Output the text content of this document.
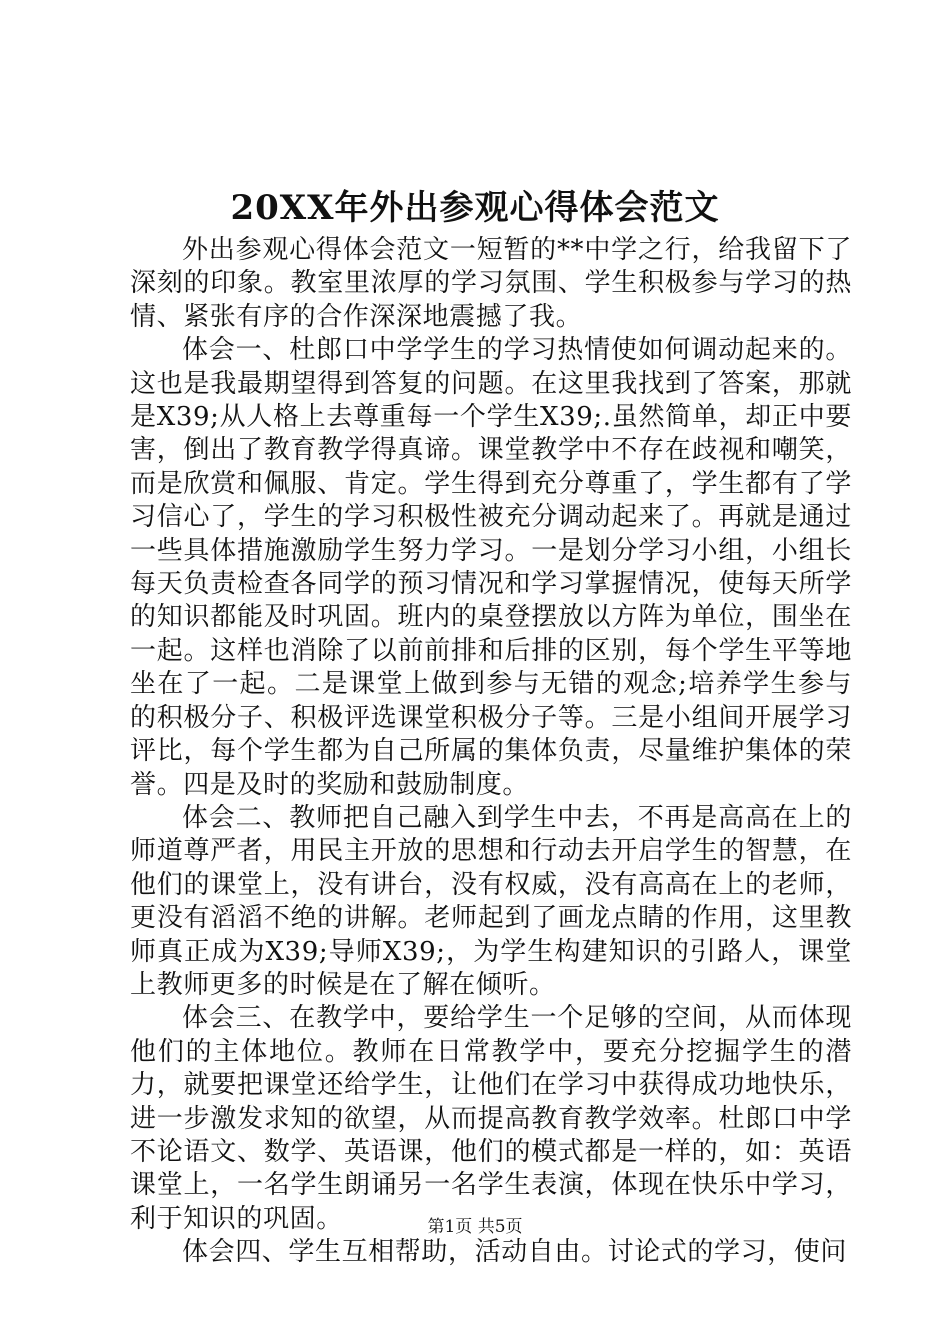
20XX年外出参观心得体会范文

外出参观心得体会范文一短暂的**中学之行，给我留下了深刻的印象。教室里浓厚的学习氛围、学生积极参与学习的热情、紧张有序的合作深深地震撼了我。

体会一、杜郎口中学学生的学习热情使如何调动起来的。这也是我最期望得到答复的问题。在这里我找到了答案，那就是X39;从人格上去尊重每一个学生X39;.虽然简单，却正中要害，倒出了教育教学得真谛。课堂教学中不存在歧视和嘲笑，而是欣赏和佩服、肯定。学生得到充分尊重了，学生都有了学习信心了，学生的学习积极性被充分调动起来了。再就是通过一些具体措施激励学生努力学习。一是划分学习小组，小组长每天负责检查各同学的预习情况和学习掌握情况，使每天所学的知识都能及时巩固。班内的桌登摆放以方阵为单位，围坐在一起。这样也消除了以前前排和后排的区别，每个学生平等地坐在了一起。二是课堂上做到参与无错的观念;培养学生参与的积极分子、积极评选课堂积极分子等。三是小组间开展学习评比，每个学生都为自己所属的集体负责，尽量维护集体的荣誉。四是及时的奖励和鼓励制度。

体会二、教师把自己融入到学生中去，不再是高高在上的师道尊严者，用民主开放的思想和行动去开启学生的智慧，在他们的课堂上，没有讲台，没有权威，没有高高在上的老师，更没有滔滔不绝的讲解。老师起到了画龙点睛的作用，这里教师真正成为X39;导师X39;，为学生构建知识的引路人，课堂上教师更多的时候是在了解在倾听。

体会三、在教学中，要给学生一个足够的空间，从而体现他们的主体地位。教师在日常教学中，要充分挖掘学生的潜力，就要把课堂还给学生，让他们在学习中获得成功地快乐，进一步激发求知的欲望，从而提高教育教学效率。杜郎口中学不论语文、数学、英语课，他们的模式都是一样的，如：英语课堂上，一名学生朗诵另一名学生表演，体现在快乐中学习，利于知识的巩固。

体会四、学生互相帮助，活动自由。讨论式的学习，使问

第1页 共5页
